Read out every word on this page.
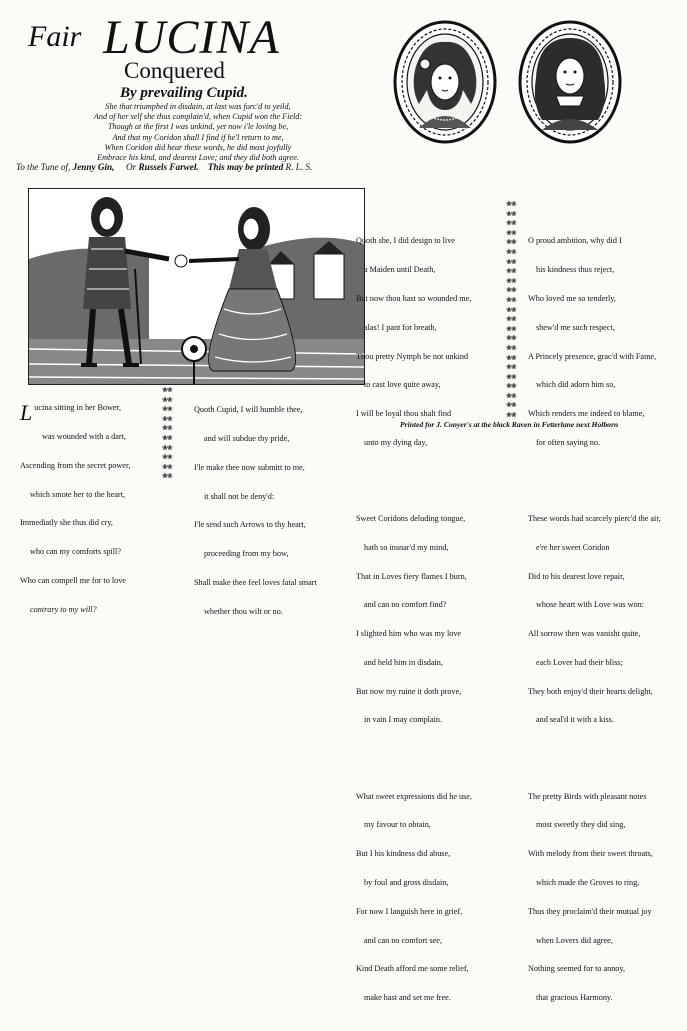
Fair LUCINA
Conquered
By prevailing Cupid.
She that triumphed in disdain, at last was forc'd to yeild,
And of her self she thus complain'd, when Cupid won the Field:
Though at the first I was unkind, yet now i'le loving be,
And that my Coridon shall I find if he'l return to me,
When Coridon did hear these words, he did most joyfully
Embrace his kind, and dearest Love; and they did both agree.
To the Tune of, Jenny Gin, Or Russels Farwel. This may be printed R. L. S.

Lucina sitting in her Bower,

was wounded with a dart,

Ascending from the secret power,

which smote her to the heart,

Immediatly she thus did cry,

who can my comforts spill?

Who can compell me for to love

contrary to my will?

❀❀
❀❀
❀❀
❀❀
❀❀
❀❀
❀❀
❀❀
❀❀
❀❀

Quoth Cupid, I will humble thee,

and will subdue thy pride,

I'le make thee now submitt to me,

it shall not be deny'd:

I'le send such Arrows to thy heart,

proceeding from my bow,

Shall make thee feel loves fatal smart

whether thou wilt or no.

Quoth she, I did design to live

a Maiden until Death,

But now thou hast so wounded me,

alas! I pant for breath,

Thou pretty Nymph be not unkind

to cast love quite away,

I will be loyal thou shalt find

unto my dying day,

Sweet Coridons deluding tongue,

hath so insnar'd my mind,

That in Loves fiery flames I burn,

and can no comfort find?

I slighted him who was my love

and held him in disdain,

But now my ruine it doth prove,

in vain I may complain.

What sweet expressions did he use,

my favour to obtain,

But I his kindness did abuse,

by foul and gross disdain,

For now I languish here in grief,

and can no comfort see,

Kind Death afford me some relief,

make hast and set me free.

❀❀
❀❀
❀❀
❀❀
❀❀
❀❀
❀❀
❀❀
❀❀
❀❀
❀❀
❀❀
❀❀
❀❀
❀❀
❀❀
❀❀
❀❀
❀❀
❀❀
❀❀
❀❀
❀❀

O proud ambition, why did I

his kindness thus reject,

Who loved me so tenderly,

shew'd me such respect,

A Princely presence, grac'd with Fame,

which did adorn him so,

Which renders me indeed to blame,

for often saying no.

These words had scarcely pierc'd the air,

e're her sweet Coridon

Did to his dearest love repair,

whose heart with Love was won:

All sorrow then was vanisht quite,

each Lover had their bliss;

They both enjoy'd their hearts delight,

and seal'd it with a kiss.

The pretty Birds with pleasant notes

most sweetly they did sing,

With melody from their sweet throats,

which made the Groves to ring,

Thus they proclaim'd their mutual joy

when Lovers did agree,

Nothing seemed for to annoy,

that gracious Harmony.

Printed for J. Conyer's at the black Raven in Fetterlane next Holborn
